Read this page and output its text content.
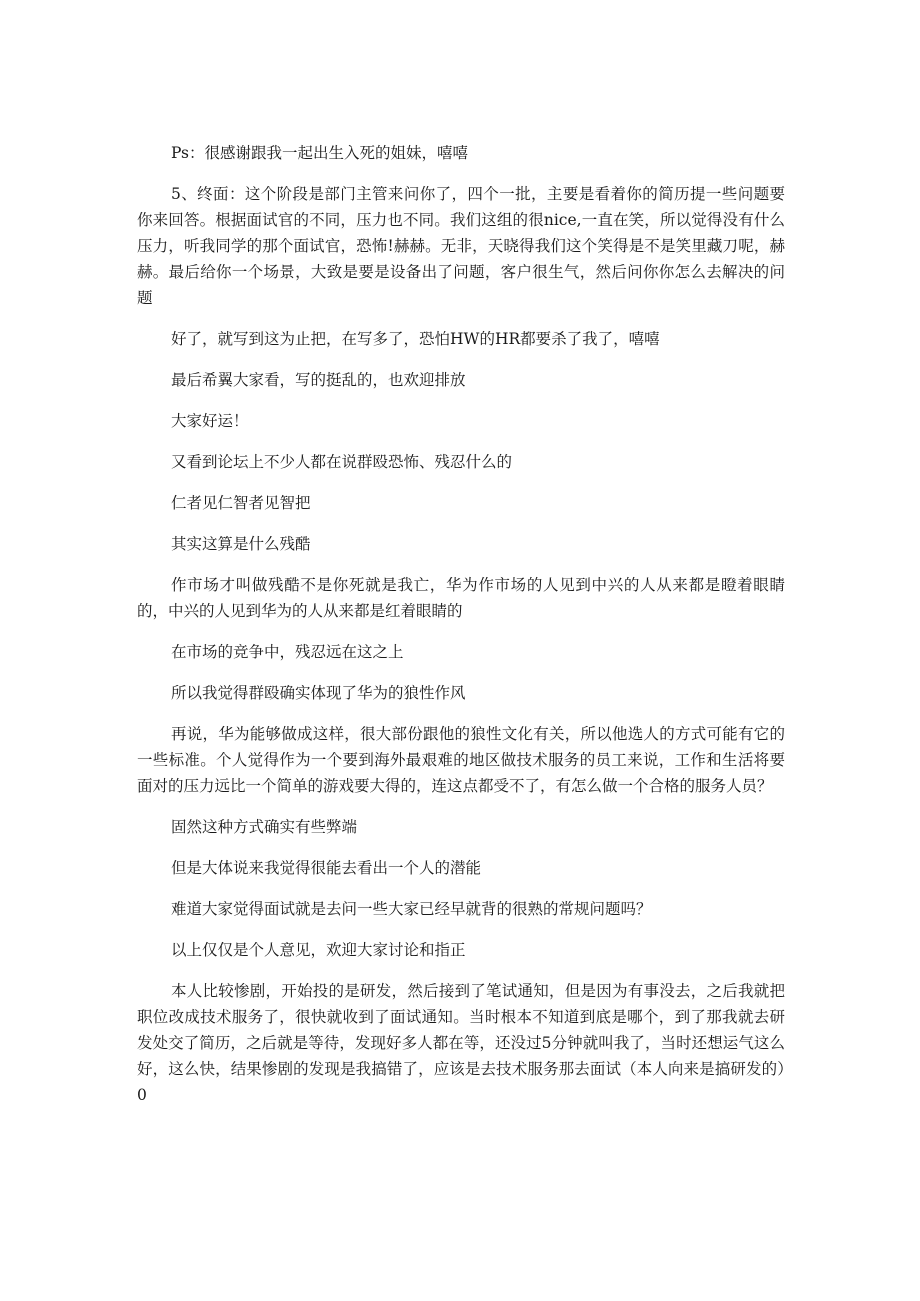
Ps：很感谢跟我一起出生入死的姐妹，嘻嘻

5、终面：这个阶段是部门主管来问你了，四个一批，主要是看着你的简历提一些问题要你来回答。根据面试官的不同，压力也不同。我们这组的很nice,一直在笑，所以觉得没有什么压力，听我同学的那个面试官，恐怖!赫赫。无非，天晓得我们这个笑得是不是笑里藏刀呢，赫赫。最后给你一个场景，大致是要是设备出了问题，客户很生气，然后问你你怎么去解决的问题

好了，就写到这为止把，在写多了，恐怕HW的HR都要杀了我了，嘻嘻

最后希翼大家看，写的挺乱的，也欢迎排放

大家好运！

又看到论坛上不少人都在说群殴恐怖、残忍什么的

仁者见仁智者见智把

其实这算是什么残酷

作市场才叫做残酷不是你死就是我亡，华为作市场的人见到中兴的人从来都是瞪着眼睛的，中兴的人见到华为的人从来都是红着眼睛的

在市场的竞争中，残忍远在这之上

所以我觉得群殴确实体现了华为的狼性作风

再说，华为能够做成这样，很大部份跟他的狼性文化有关，所以他选人的方式可能有它的一些标准。个人觉得作为一个要到海外最艰难的地区做技术服务的员工来说，工作和生活将要面对的压力远比一个简单的游戏要大得的，连这点都受不了，有怎么做一个合格的服务人员？

固然这种方式确实有些弊端

但是大体说来我觉得很能去看出一个人的潜能

难道大家觉得面试就是去问一些大家已经早就背的很熟的常规问题吗？

以上仅仅是个人意见，欢迎大家讨论和指正

本人比较惨剧，开始投的是研发，然后接到了笔试通知，但是因为有事没去，之后我就把职位改成技术服务了，很快就收到了面试通知。当时根本不知道到底是哪个，到了那我就去研发处交了简历，之后就是等待，发现好多人都在等，还没过5分钟就叫我了，当时还想运气这么好，这么快，结果惨剧的发现是我搞错了，应该是去技术服务那去面试（本人向来是搞研发的）0
